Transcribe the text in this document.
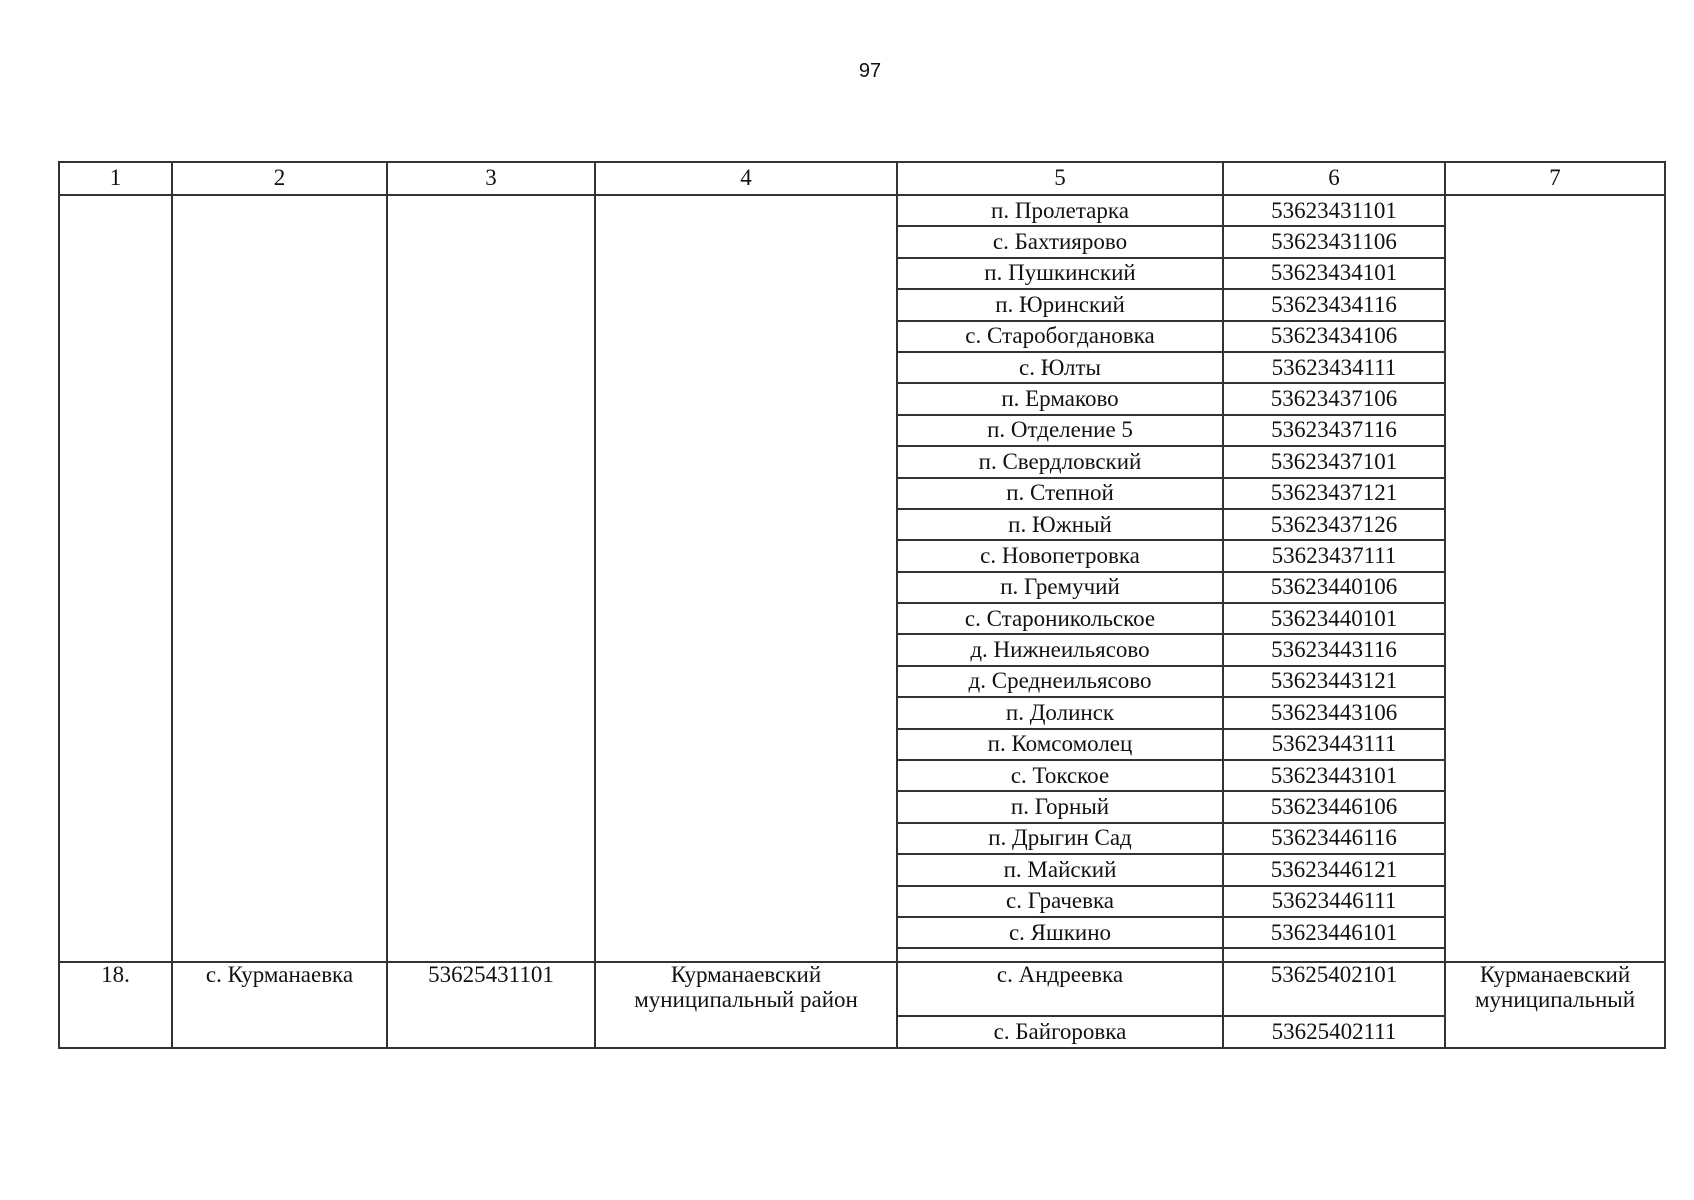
97
1	2	3	4	5	6	7
				п. Пролетарка	53623431101	
				с. Бахтиярово	53623431106	
				п. Пушкинский	53623434101	
				п. Юринский	53623434116	
				с. Старобогдановка	53623434106	
				с. Юлты	53623434111	
				п. Ермаково	53623437106	
				п. Отделение 5	53623437116	
				п. Свердловский	53623437101	
				п. Степной	53623437121	
				п. Южный	53623437126	
				с. Новопетровка	53623437111	
				п. Гремучий	53623440106	
				с. Староникольское	53623440101	
				д. Нижнеильясово	53623443116	
				д. Среднеильясово	53623443121	
				п. Долинск	53623443106	
				п. Комсомолец	53623443111	
				с. Токское	53623443101	
				п. Горный	53623446106	
				п. Дрыгин Сад	53623446116	
				п. Майский	53623446121	
				с. Грачевка	53623446111	
				с. Яшкино	53623446101	

18.	с. Курманаевка	53625431101	Курманаевский муниципальный район	с. Андреевка	53625402101	Курманаевский муниципальный
				с. Байгоровка	53625402111	
